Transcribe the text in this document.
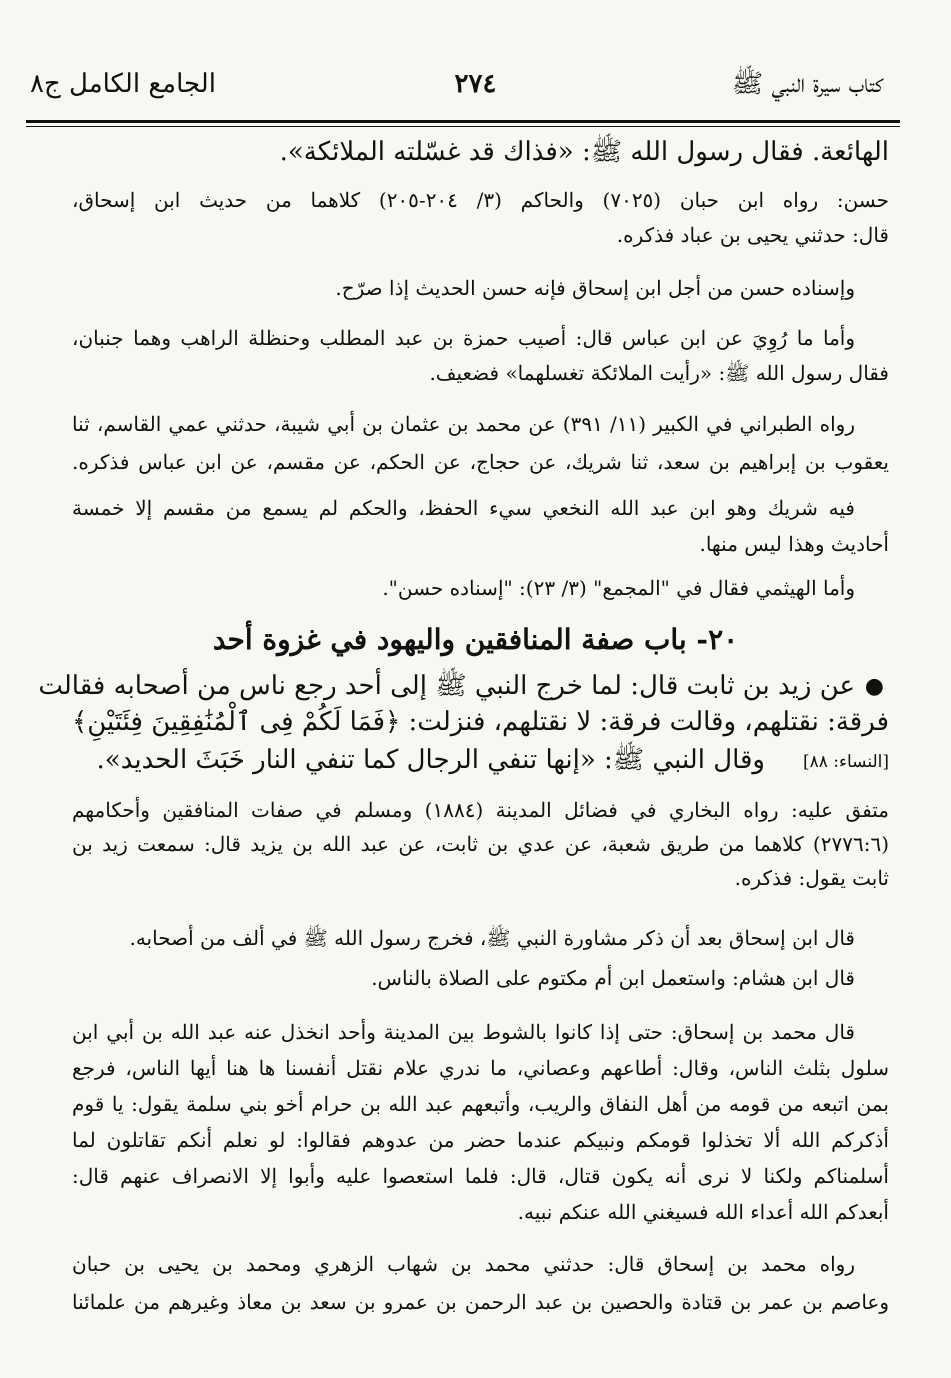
كتاب سيرة النبي ﷺ
٢٧٤
الجامع الكامل ج٨
الهائعة. فقال رسول الله ﷺ: «فذاك قد غسّلته الملائكة».
حسن: رواه ابن حبان (٧٠٢٥) والحاكم (٣/ ٢٠٤-٢٠٥) كلاهما من حديث ابن إسحاق،
قال: حدثني يحيى بن عباد فذكره.
وإسناده حسن من أجل ابن إسحاق فإنه حسن الحديث إذا صرّح.
وأما ما رُوِيَ عن ابن عباس قال: أصيب حمزة بن عبد المطلب وحنظلة الراهب وهما جنبان،
فقال رسول الله ﷺ: «رأيت الملائكة تغسلهما» فضعيف.
رواه الطبراني في الكبير (١١/ ٣٩١) عن محمد بن عثمان بن أبي شيبة، حدثني عمي القاسم، ثنا
يعقوب بن إبراهيم بن سعد، ثنا شريك، عن حجاج، عن الحكم، عن مقسم، عن ابن عباس فذكره.
فيه شريك وهو ابن عبد الله النخعي سيء الحفظ، والحكم لم يسمع من مقسم إلا خمسة
أحاديث وهذا ليس منها.
وأما الهيثمي فقال في "المجمع" (٣/ ٢٣): "إسناده حسن".
٢٠- باب صفة المنافقين واليهود في غزوة أحد
عن زيد بن ثابت قال: لما خرج النبي ﷺ إلى أحد رجع ناس من أصحابه فقالت ●
فرقة: نقتلهم، وقالت فرقة: لا نقتلهم، فنزلت: ﴿فَمَا لَكُمْ فِى ٱلْمُنَٰفِقِينَ فِئَتَيْنِ﴾
وقال النبي ﷺ: «إنها تنفي الرجال كما تنفي النار خَبَثَ الحديد». [النساء: ٨٨]
متفق عليه: رواه البخاري في فضائل المدينة (١٨٨٤) ومسلم في صفات المنافقين وأحكامهم
(٢٧٧٦:٦) كلاهما من طريق شعبة، عن عدي بن ثابت، عن عبد الله بن يزيد قال: سمعت زيد بن
ثابت يقول: فذكره.
قال ابن إسحاق بعد أن ذكر مشاورة النبي ﷺ، فخرج رسول الله ﷺ في ألف من أصحابه.
قال ابن هشام: واستعمل ابن أم مكتوم على الصلاة بالناس.
قال محمد بن إسحاق: حتى إذا كانوا بالشوط بين المدينة وأحد انخذل عنه عبد الله بن أبي ابن
سلول بثلث الناس، وقال: أطاعهم وعصاني، ما ندري علام نقتل أنفسنا ها هنا أيها الناس، فرجع
بمن اتبعه من قومه من أهل النفاق والريب، وأتبعهم عبد الله بن حرام أخو بني سلمة يقول: يا قوم
أذكركم الله ألا تخذلوا قومكم ونبيكم عندما حضر من عدوهم فقالوا: لو نعلم أنكم تقاتلون لما
أسلمناكم ولكنا لا نرى أنه يكون قتال، قال: فلما استعصوا عليه وأبوا إلا الانصراف عنهم قال:
أبعدكم الله أعداء الله فسيغني الله عنكم نبيه.
رواه محمد بن إسحاق قال: حدثني محمد بن شهاب الزهري ومحمد بن يحيى بن حبان
وعاصم بن عمر بن قتادة والحصين بن عبد الرحمن بن عمرو بن سعد بن معاذ وغيرهم من علمائنا
